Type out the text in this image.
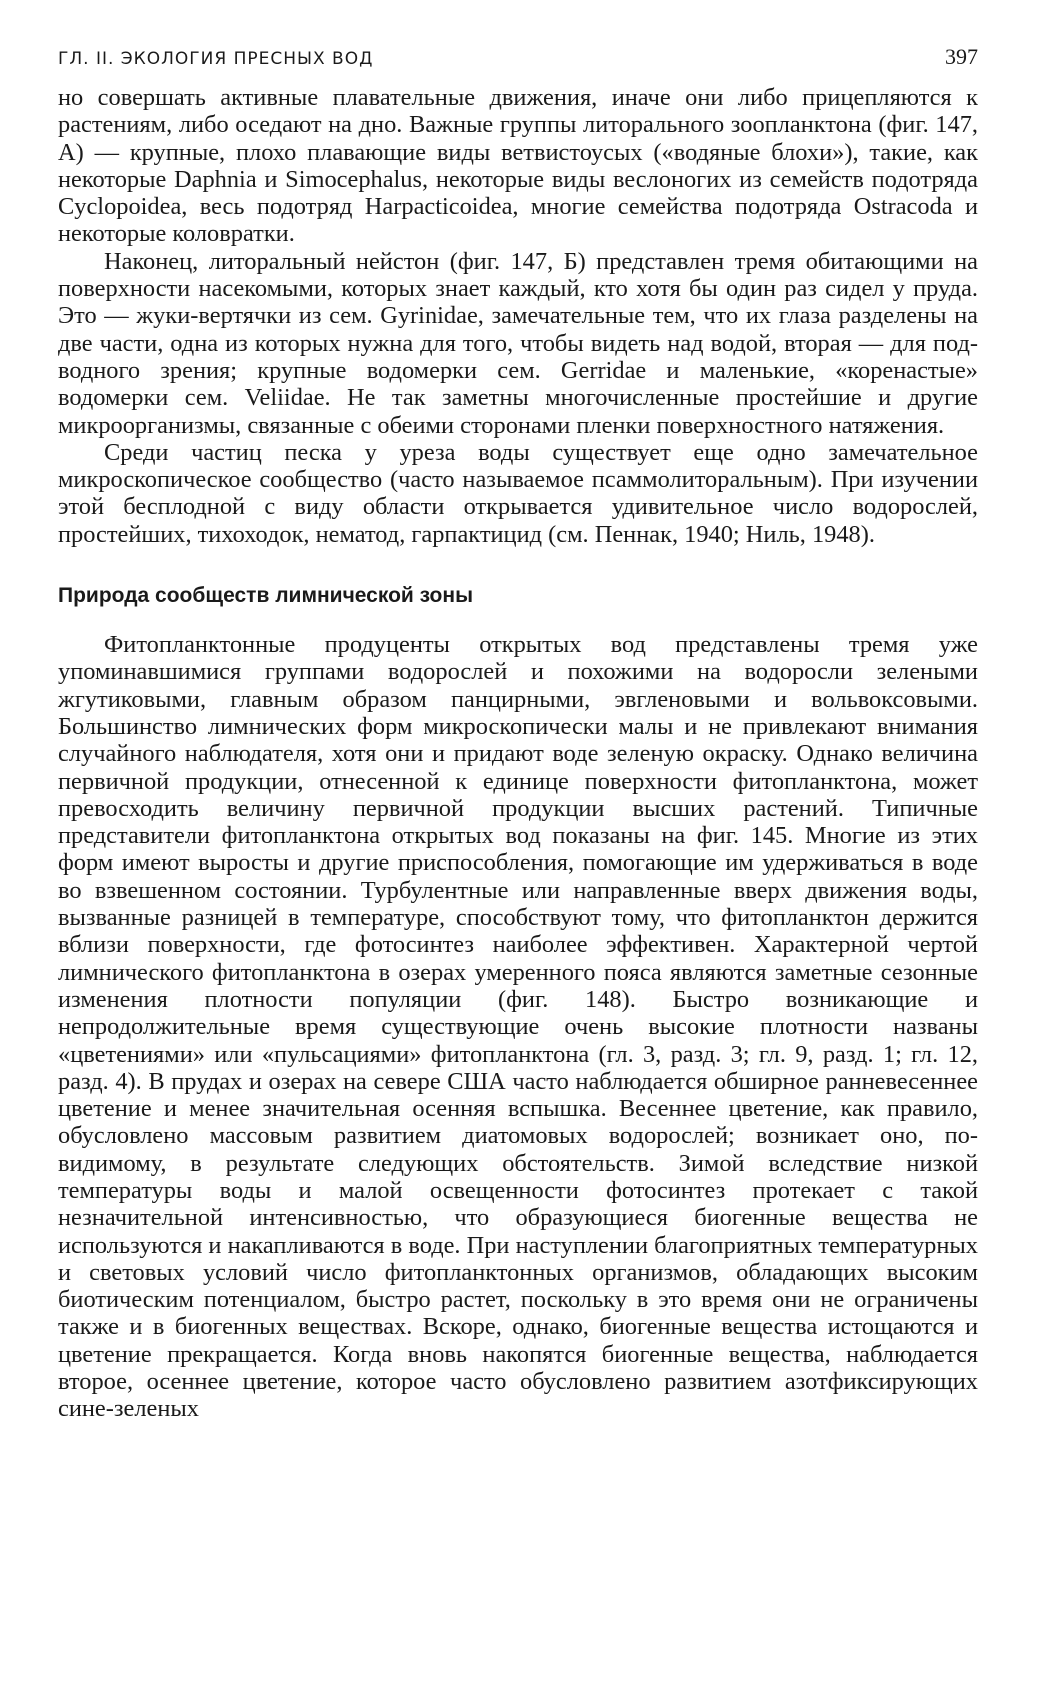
ГЛ. II. ЭКОЛОГИЯ ПРЕСНЫХ ВОД	397

но совершать активные плавательные движения, иначе они либо прицепляются к растениям, либо оседают на дно. Важные группы литорального зоопланктона (фиг. 147, А) — крупные, плохо плавающие виды ветвистоусых («водяные блохи»), такие, как некоторые Daphnia и Simocephalus, некоторые виды веслоногих из семейств подотряда Cyclopoidea, весь подотряд Harpacticoidea, многие семейства подотряда Ostracoda и некоторые коловратки.

Наконец, литоральный нейстон (фиг. 147, Б) представлен тремя обитающими на поверхности насекомыми, которых знает каждый, кто хотя бы один раз сидел у пруда. Это — жуки-вертячки из сем. Gyrinidae, замечательные тем, что их глаза разделены на две части, одна из которых нужна для того, чтобы видеть над водой, вторая — для подводного зрения; крупные водомерки сем. Gerridae и маленькие, «коренастые» водомерки сем. Veliidae. Не так заметны многочисленные простейшие и другие микроорганизмы, связанные с обеими сторонами пленки поверхностного натяжения.

Среди частиц песка у уреза воды существует еще одно замечательное микроскопическое сообщество (часто называемое псаммолиторальным). При изучении этой бесплодной с виду области открывается удивительное число водорослей, простейших, тихоходок, нематод, гарпактицид (см. Пеннак, 1940; Ниль, 1948).

Природа сообществ лимнической зоны

Фитопланктонные продуценты открытых вод представлены тремя уже упоминавшимися группами водорослей и похожими на водоросли зелеными жгутиковыми, главным образом панцирными, эвгленовыми и вольвоксовыми. Большинство лимнических форм микроскопически малы и не привлекают внимания случайного наблюдателя, хотя они и придают воде зеленую окраску. Однако величина первичной продукции, отнесенной к единице поверхности фитопланктона, может превосходить величину первичной продукции высших растений. Типичные представители фитопланктона открытых вод показаны на фиг. 145. Многие из этих форм имеют выросты и другие приспособления, помогающие им удерживаться в воде во взвешенном состоянии. Турбулентные или направленные вверх движения воды, вызванные разницей в температуре, способствуют тому, что фитопланктон держится вблизи поверхности, где фотосинтез наиболее эффективен. Характерной чертой лимнического фитопланктона в озерах умеренного пояса являются заметные сезонные изменения плотности популяции (фиг. 148). Быстро возникающие и непродолжительные время существующие очень высокие плотности названы «цветениями» или «пульсациями» фитопланктона (гл. 3, разд. 3; гл. 9, разд. 1; гл. 12, разд. 4). В прудах и озерах на севере США часто наблюдается обширное ранневесеннее цветение и менее значительная осенняя вспышка. Весеннее цветение, как правило, обусловлено массовым развитием диатомовых водорослей; возникает оно, по-видимому, в результате следующих обстоятельств. Зимой вследствие низкой температуры воды и малой освещенности фотосинтез протекает с такой незначительной интенсивностью, что образующиеся биогенные вещества не используются и накапливаются в воде. При наступлении благоприятных температурных и световых условий число фитопланктонных организмов, обладающих высоким биотическим потенциалом, быстро растет, поскольку в это время они не ограничены также и в биогенных веществах. Вскоре, однако, биогенные вещества истощаются и цветение прекращается. Когда вновь накопятся биогенные вещества, наблюдается второе, осеннее цветение, которое часто обусловлено развитием азотфиксирующих сине-зеленых
